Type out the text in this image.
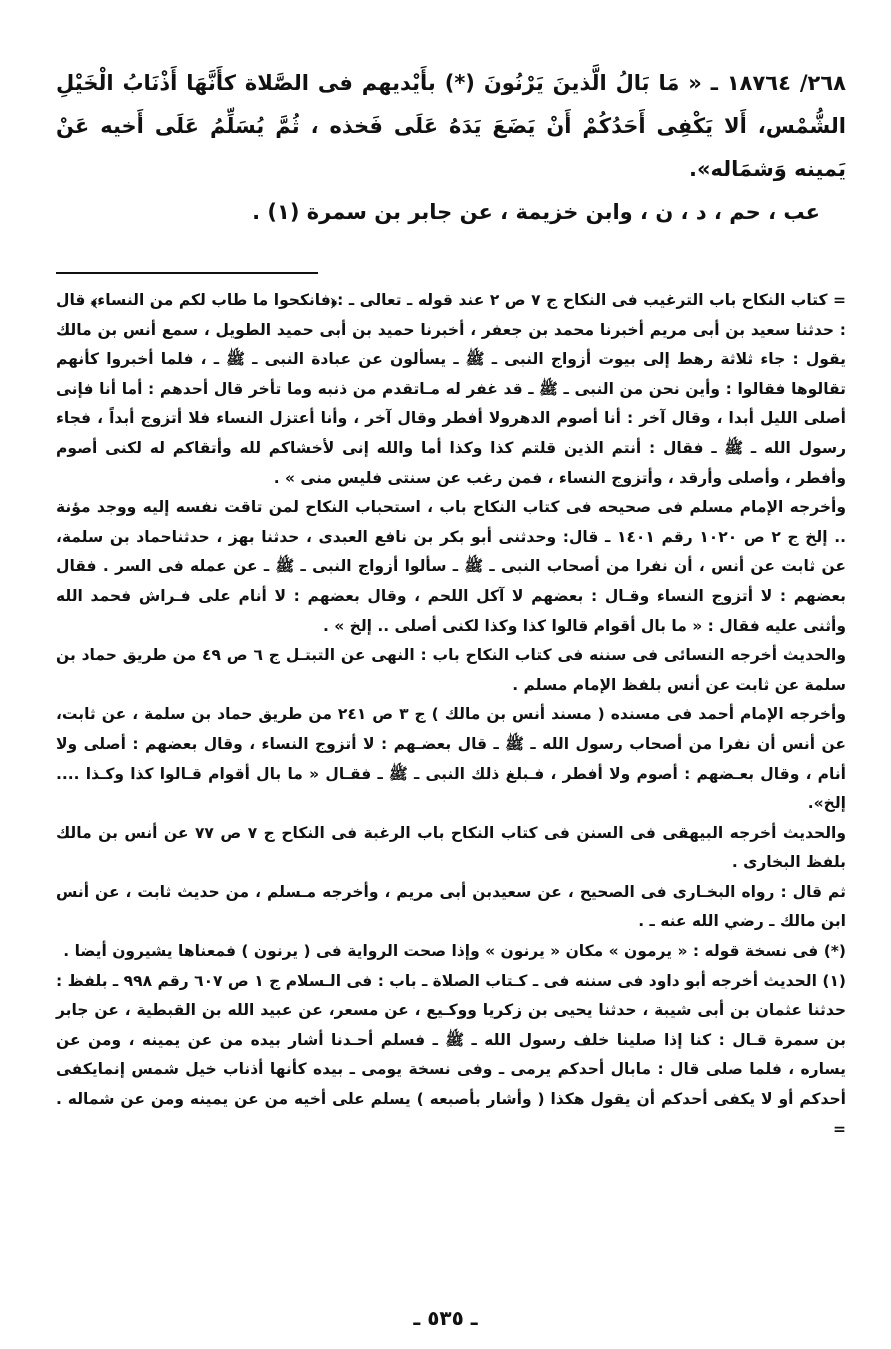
٢٦٨/ ١٨٧٦٤ ـ « مَا بَالُ الَّذينَ يَرْنُونَ (*) بأَيْديهم فى الصَّلاة كأَنَّهَا أَذْنَابُ الْخَيْلِ الشُّمْس، أَلا يَكْفِى أَحَدُكُمْ أَنْ يَضَعَ يَدَهُ عَلَى فَخذه ، ثُمَّ يُسَلِّمُ عَلَى أَخيه عَنْ يَمينه وَشمَاله».

عب ، حم ، د ، ن ، وابن خزيمة ، عن جابر بن سمرة (١) .

= كتاب النكاح باب الترغيب فى النكاح ج ٧ ص ٢ عند قوله ـ تعالى ـ :﴿فانكحوا ما طاب لكم من النساء﴾ قال : حدثنا سعيد بن أبى مريم أخبرنا محمد بن جعفر ، أخبرنا حميد بن أبى حميد الطويل ، سمع أنس بن مالك يقول : جاء ثلاثة رهط إلى بيوت أزواج النبى ـ ﷺ ـ يسألون عن عبادة النبى ـ ﷺ ـ ، فلما أخبروا كأنهم تقالوها فقالوا : وأين نحن من النبى ـ ﷺ ـ قد غفر له مـاتقدم من ذنبه وما تأخر قال أحدهم : أما أنا فإنى أصلى الليل أبدا ، وقال آخر : أنا أصوم الدهرولا أفطر وقال آخر ، وأنا أعتزل النساء فلا أتزوج أبداً ، فجاء رسول الله ـ ﷺ ـ فقال : أنتم الذين قلتم كذا وكذا أما والله إنى لأخشاكم لله وأتقاكم له لكنى أصوم وأفطر ، وأصلى وأرقد ، وأتزوج النساء ، فمن رغب عن سنتى فليس منى » .

وأخرجه الإمام مسلم فى صحيحه فى كتاب النكاح باب ، استحباب النكاح لمن تاقت نفسه إليه ووجد مؤنة .. إلخ ج ٢ ص ١٠٢٠ رقم ١٤٠١ ـ قال: وحدثنى أبو بكر بن نافع العبدى ، حدثنا بهز ، حدثناحماد بن سلمة، عن ثابت عن أنس ، أن نفرا من أصحاب النبى ـ ﷺ ـ سألوا أزواج النبى ـ ﷺ ـ عن عمله فى السر . فقال بعضهم : لا أتزوج النساء وقـال : بعضهم لا آكل اللحم ، وقال بعضهم : لا أنام على فـراش فحمد الله وأثنى عليه فقال : « ما بال أقوام قالوا كذا وكذا لكنى أصلى .. إلخ » .

والحديث أخرجه النسائى فى سننه فى كتاب النكاح باب : النهى عن التبتـل ج ٦ ص ٤٩ من طريق حماد بن سلمة عن ثابت عن أنس بلفظ الإمام مسلم .

وأخرجه الإمام أحمد فى مسنده ( مسند أنس بن مالك ) ج ٣ ص ٢٤١ من طريق حماد بن سلمة ، عن ثابت، عن أنس أن نفرا من أصحاب رسول الله ـ ﷺ ـ قال بعضـهم : لا أتزوج النساء ، وقال بعضهم : أصلى ولا أنام ، وقال بعـضهم : أصوم ولا أفطر ، فـبلغ ذلك النبى ـ ﷺ ـ فقـال « ما بال أقوام قـالوا كذا وكـذا .... إلخ».

والحديث أخرجه البيهقى فى السنن فى كتاب النكاح باب الرغبة فى النكاح ج ٧ ص ٧٧ عن أنس بن مالك بلفظ البخارى .

ثم قال : رواه البخـارى فى الصحيح ، عن سعيدبن أبى مريم ، وأخرجه مـسلم ، من حديث ثابت ، عن أنس ابن مالك ـ رضي الله عنه ـ .

(*) فى نسخة قوله : « يرمون » مكان « يرنون » وإذا صحت الرواية فى ( يرنون ) فمعناها يشيرون أيضا .

(١) الحديث أخرجه أبو داود فى سننه فى ـ كـتاب الصلاة ـ باب : فى الـسلام ج ١ ص ٦٠٧ رقم ٩٩٨ ـ بلفظ : حدثنا عثمان بن أبى شيبة ، حدثنا يحيى بن زكريا ووكـيع ، عن مسعر، عن عبيد الله بن القبطية ، عن جابر بن سمرة قـال : كنا إذا صلينا خلف رسول الله ـ ﷺ ـ فسلم أحـدنا أشار بيده من عن يمينه ، ومن عن يساره ، فلما صلى قال : مابال أحدكم يرمى ـ وفى نسخة يومى ـ بيده كأنها أذناب خيل شمس إنمايكفى أحدكم أو لا يكفى أحدكم أن يقول هكذا ( وأشار بأصبعه ) يسلم على أخيه من عن يمينه ومن عن شماله . =

ـ ٥٣٥ ـ
